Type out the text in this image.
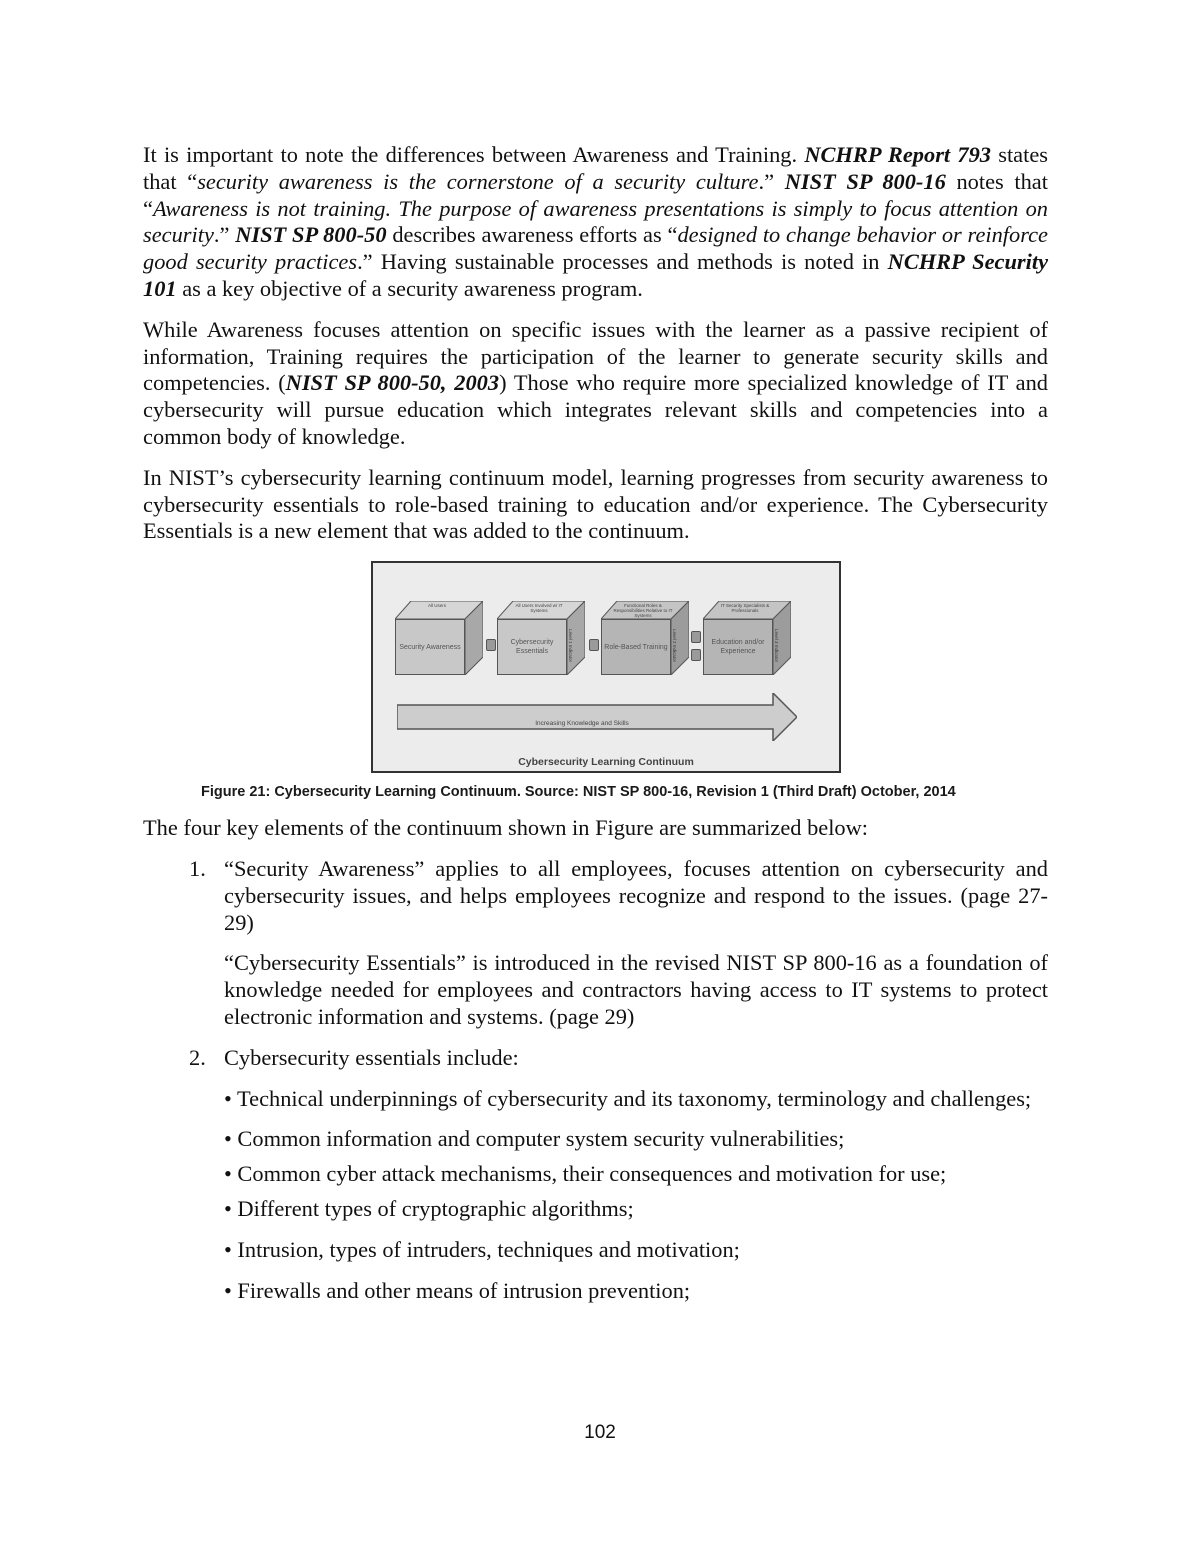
It is important to note the differences between Awareness and Training. NCHRP Report 793 states that “security awareness is the cornerstone of a security culture.” NIST SP 800-16 notes that “Awareness is not training. The purpose of awareness presentations is simply to focus attention on security.” NIST SP 800-50 describes awareness efforts as “designed to change behavior or reinforce good security practices.” Having sustainable processes and methods is noted in NCHRP Security 101 as a key objective of a security awareness program.

While Awareness focuses attention on specific issues with the learner as a passive recipient of information, Training requires the participation of the learner to generate security skills and competencies. (NIST SP 800-50, 2003) Those who require more specialized knowledge of IT and cybersecurity will pursue education which integrates relevant skills and competencies into a common body of knowledge.

In NIST’s cybersecurity learning continuum model, learning progresses from security awareness to cybersecurity essentials to role-based training to education and/or experience. The Cybersecurity Essentials is a new element that was added to the continuum.

All Users
Security Awareness
All Users Involved w/ IT Systems
Cybersecurity Essentials	Level 1 Indicator
Functional Roles & Responsibilities Relative to IT Systems
Role-Based Training Level 2 Indicator
IT Security Specialists & Professionals
Education and/or Experience	Level 3 Indicator
Increasing Knowledge and Skills
Cybersecurity Learning Continuum
Figure 21: Cybersecurity Learning Continuum. Source: NIST SP 800-16, Revision 1 (Third Draft) October, 2014

The four key elements of the continuum shown in Figure are summarized below:

1. “Security Awareness” applies to all employees, focuses attention on cybersecurity and cybersecurity issues, and helps employees recognize and respond to the issues. (page 27- 29)

“Cybersecurity Essentials” is introduced in the revised NIST SP 800-16 as a foundation of knowledge needed for employees and contractors having access to IT systems to protect electronic information and systems. (page 29)

2. Cybersecurity essentials include:

• Technical underpinnings of cybersecurity and its taxonomy, terminology and challenges;

• Common information and computer system security vulnerabilities;

• Common cyber attack mechanisms, their consequences and motivation for use;

• Different types of cryptographic algorithms;

• Intrusion, types of intruders, techniques and motivation;

• Firewalls and other means of intrusion prevention;

102
